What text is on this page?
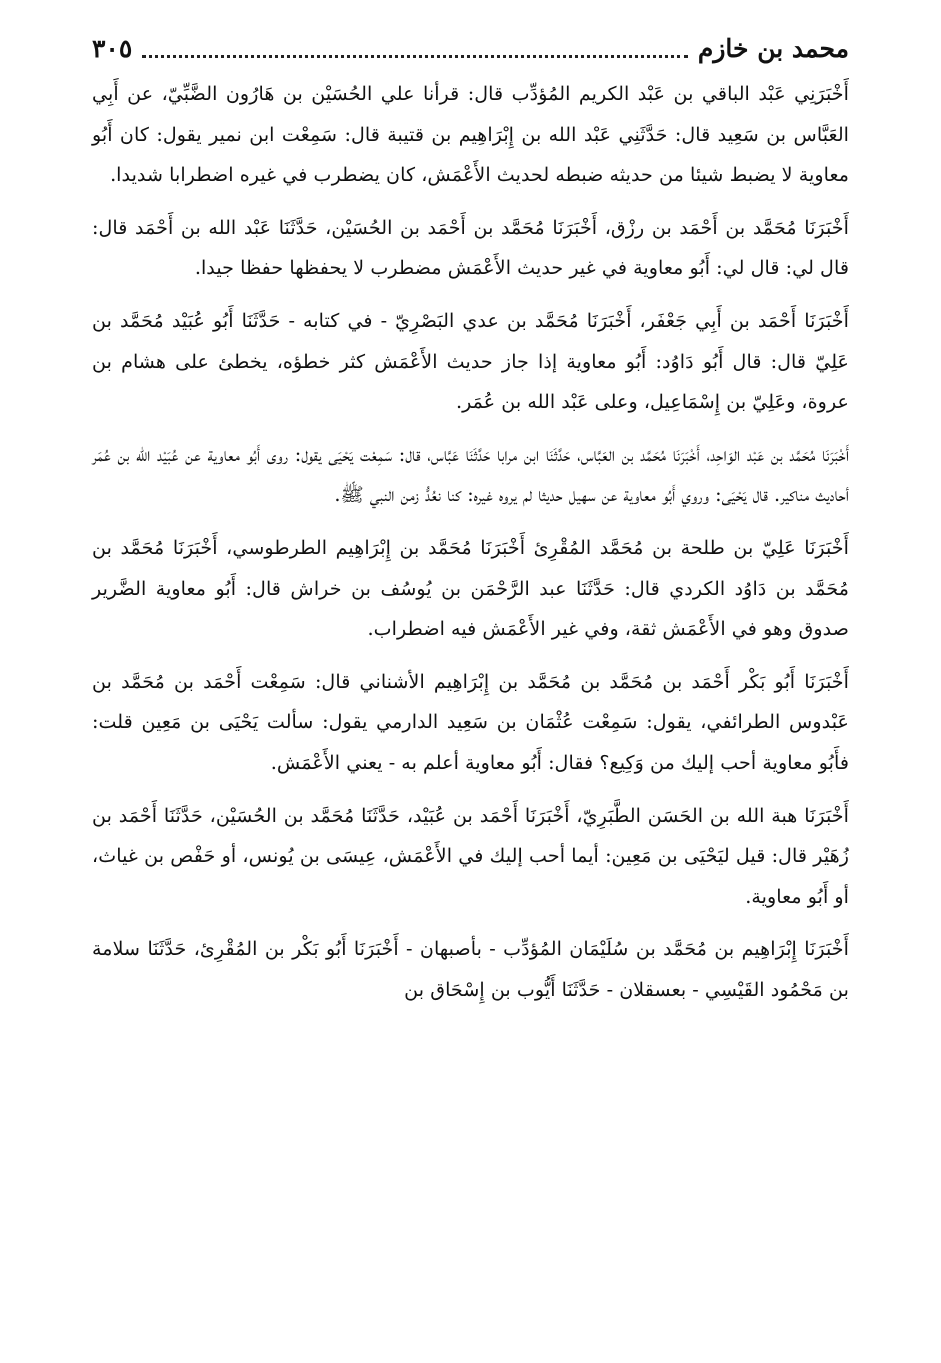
محمد بن خازم
٣٠٥

أَخْبَرَنِي عَبْد الباقي بن عَبْد الكريم المُؤدِّب قال: قرأنا علي الحُسَيْن بن هَارُون الضَّبِّيّ، عن أَبِي العَبَّاس بن سَعِيد قال: حَدَّثَنِي عَبْد الله بن إِبْرَاهِيم بن قتيبة قال: سَمِعْت ابن نمير يقول: كان أَبُو معاوية لا يضبط شيئا من حديثه ضبطه لحديث الأَعْمَش، كان يضطرب في غيره اضطرابا شديدا.

أَخْبَرَنَا مُحَمَّد بن أَحْمَد بن رزْق، أَخْبَرَنَا مُحَمَّد بن أَحْمَد بن الحُسَيْن، حَدَّثَنَا عَبْد الله بن أَحْمَد قال: قال لي: قال لي: أَبُو معاوية في غير حديث الأَعْمَش مضطرب لا يحفظها حفظا جيدا.

أَخْبَرَنَا أَحْمَد بن أَبِي جَعْفَر، أَخْبَرَنَا مُحَمَّد بن عدي البَصْرِيّ - في كتابه - حَدَّثَنَا أَبُو عُبَيْد مُحَمَّد بن عَلِيّ قال: قال أَبُو دَاوُد: أَبُو معاوية إذا جاز حديث الأَعْمَش كثر خطؤه، يخطئ على هشام بن عروة، وعَلِيّ بن إِسْمَاعِيل، وعلى عَبْد الله بن عُمَر.

أَخْبَرَنَا مُحَمَّد بن عَبْد الوَاحِد، أَخْبَرَنَا مُحَمَّد بن العَبَّاس، حَدَّثَنَا ابن مرابا حَدَّثَنَا عَبَّاس، قال: سَمِعْت يَحْيَى يقول: روى أَبُو معاوية عن عُبَيْد الله بن عُمَر أحاديث مناكير. قال يَحْيَى: وروي أَبُو معاوية عن سهيل حديثا لم يروه غيره: كنا نعُدُّ زمن النبي ﷺ.

أَخْبَرَنَا عَلِيّ بن طلحة بن مُحَمَّد المُقْرِئ أَخْبَرَنَا مُحَمَّد بن إِبْرَاهِيم الطرطوسي، أَخْبَرَنَا مُحَمَّد بن مُحَمَّد بن دَاوُد الكردي قال: حَدَّثَنَا عبد الرَّحْمَن بن يُوسُف بن خراش قال: أَبُو معاوية الضَّرير صدوق وهو في الأَعْمَش ثقة، وفي غير الأَعْمَش فيه اضطراب.

أَخْبَرَنَا أَبُو بَكْر أَحْمَد بن مُحَمَّد بن مُحَمَّد بن إِبْرَاهِيم الأشناني قال: سَمِعْت أَحْمَد بن مُحَمَّد بن عَبْدوس الطرائفي، يقول: سَمِعْت عُثْمَان بن سَعِيد الدارمي يقول: سألت يَحْيَى بن مَعِين قلت: فأَبُو معاوية أحب إليك من وَكِيع؟ فقال: أَبُو معاوية أعلم به - يعني الأَعْمَش.

أَخْبَرَنَا هبة الله بن الحَسَن الطَّبَرِيّ، أَخْبَرَنَا أَحْمَد بن عُبَيْد، حَدَّثَنَا مُحَمَّد بن الحُسَيْن، حَدَّثَنَا أَحْمَد بن زُهَيْر قال: قيل ليَحْيَى بن مَعِين: أيما أحب إليك في الأَعْمَش، عِيسَى بن يُونس، أو حَفْص بن غياث، أو أَبُو معاوية.

أَخْبَرَنَا إِبْرَاهِيم بن مُحَمَّد بن سُلَيْمَان المُؤدِّب - بأصبهان - أَخْبَرَنَا أَبُو بَكْر بن المُقْرِئ، حَدَّثَنَا سلامة بن مَحْمُود القَيْسِي - بعسقلان - حَدَّثَنَا أَيُّوب بن إِسْحَاق بن
